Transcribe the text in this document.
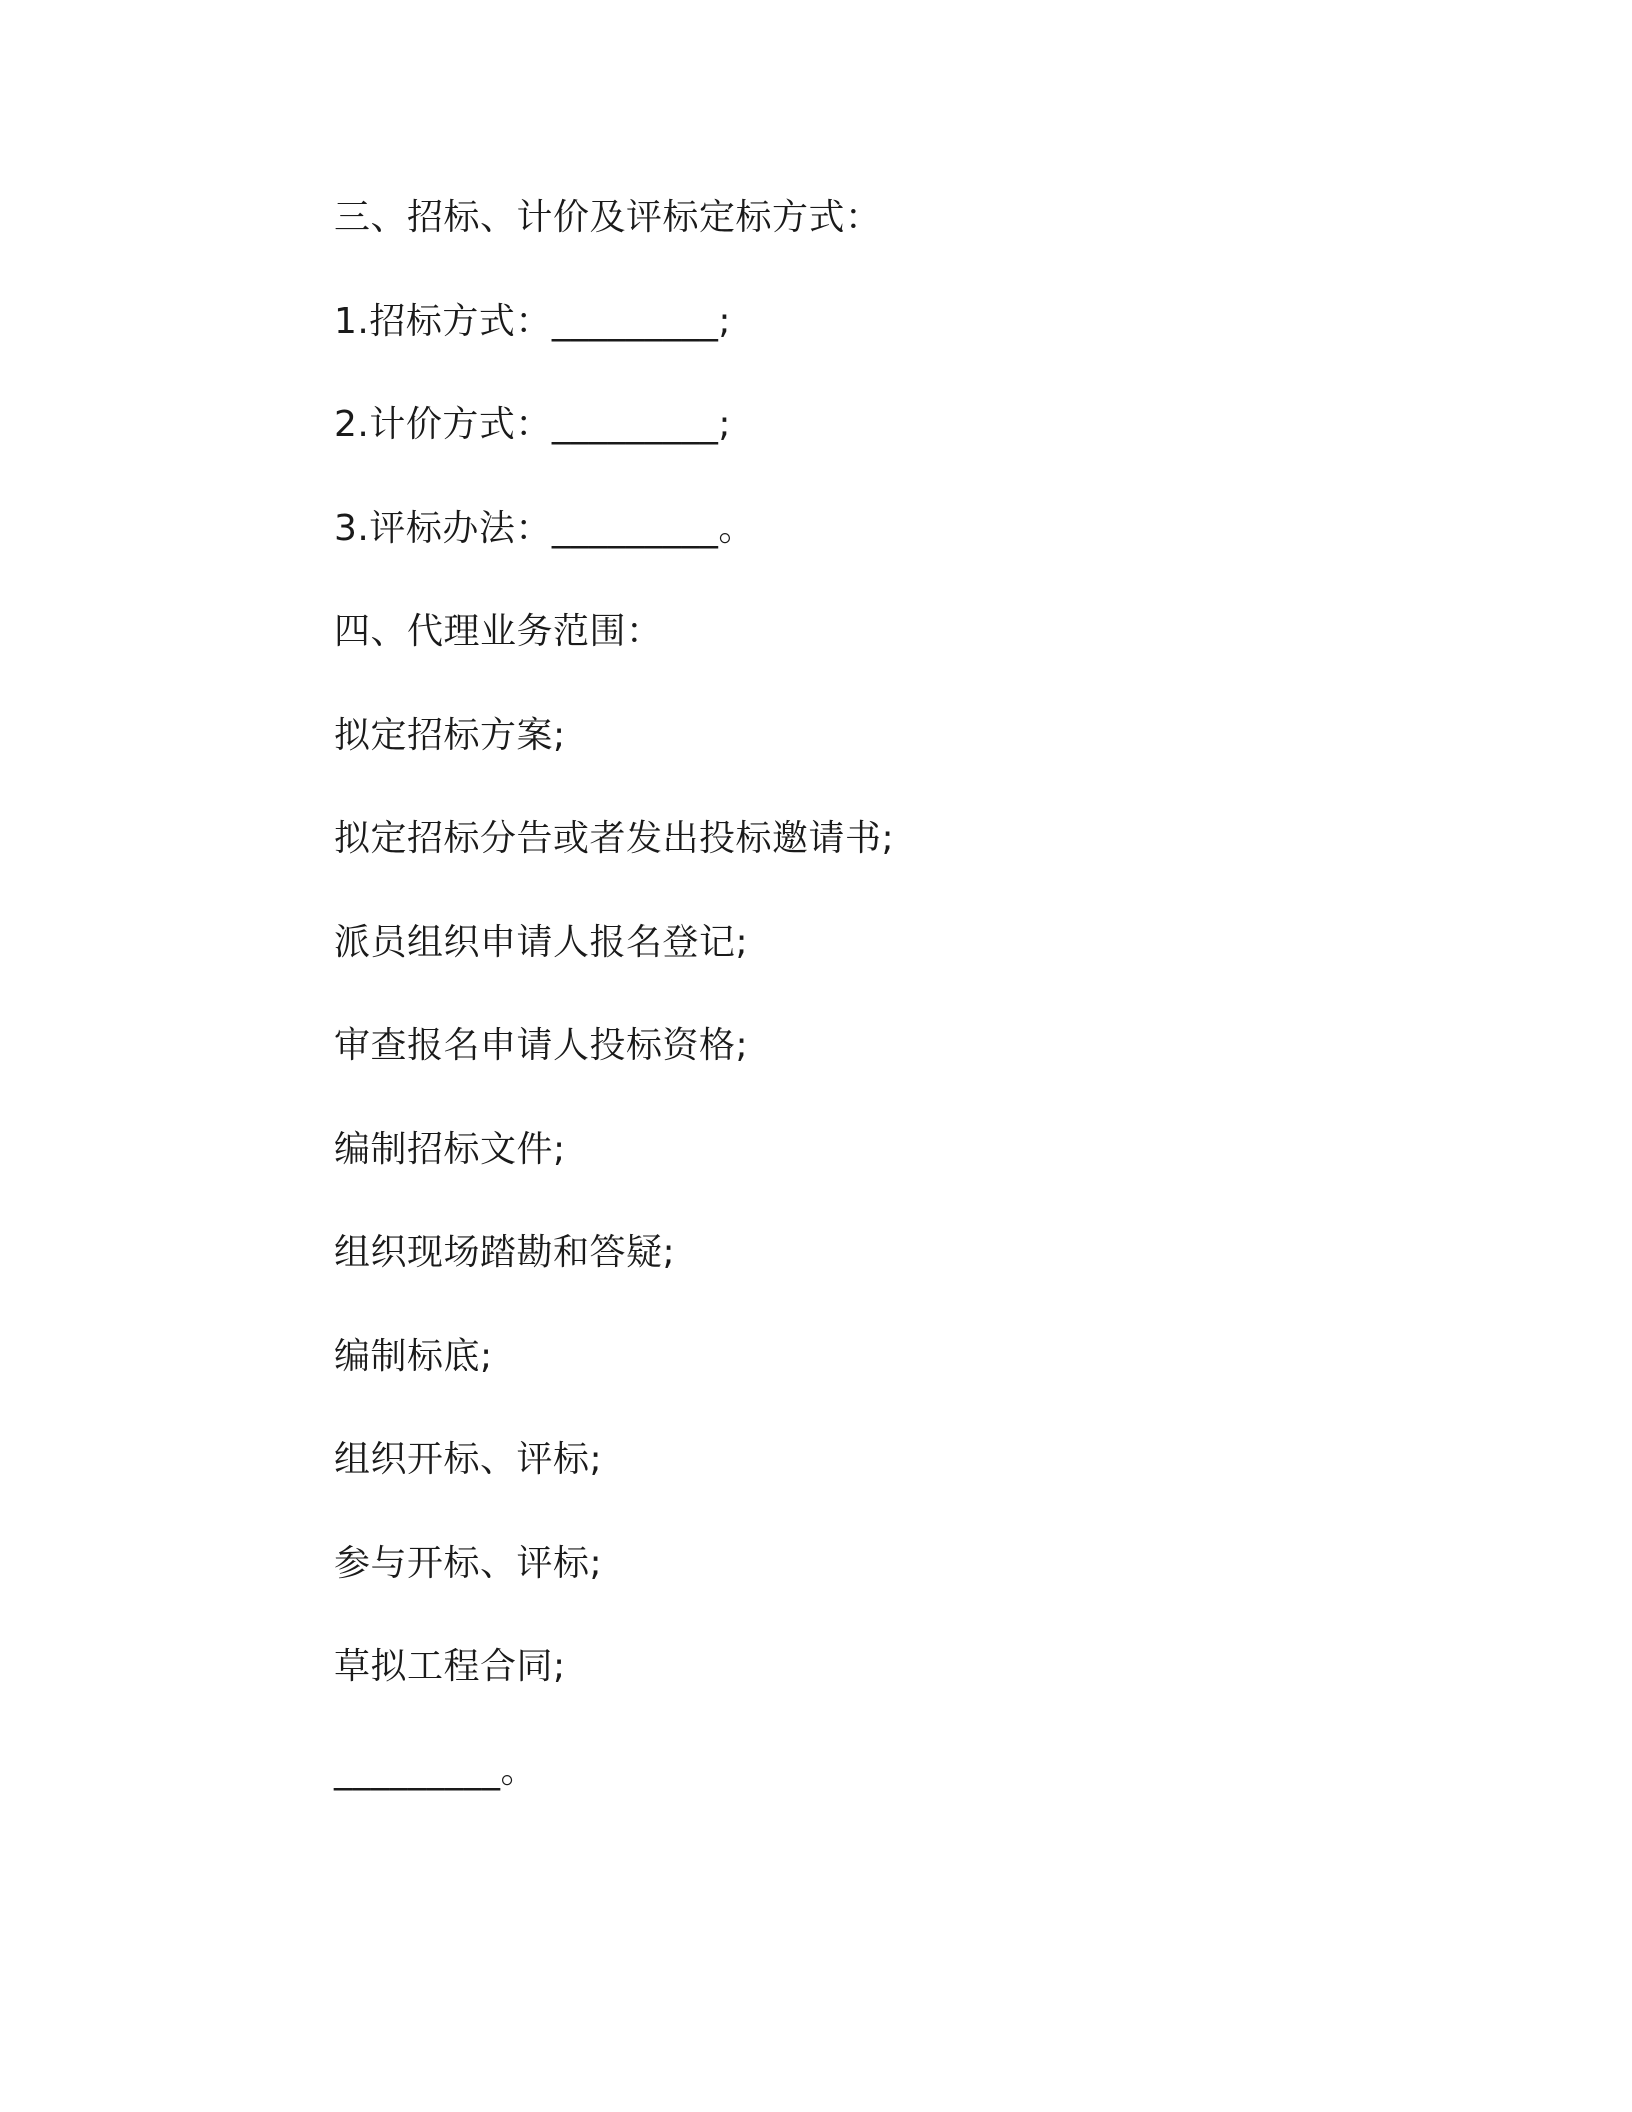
三、招标、计价及评标定标方式：
1.招标方式：_________;
2.计价方式：_________;
3.评标办法：_________。
四、代理业务范围：
拟定招标方案;
拟定招标分告或者发出投标邀请书;
派员组织申请人报名登记;
审查报名申请人投标资格;
编制招标文件;
组织现场踏勘和答疑;
编制标底;
组织开标、评标;
参与开标、评标;
草拟工程合同;
_________。
